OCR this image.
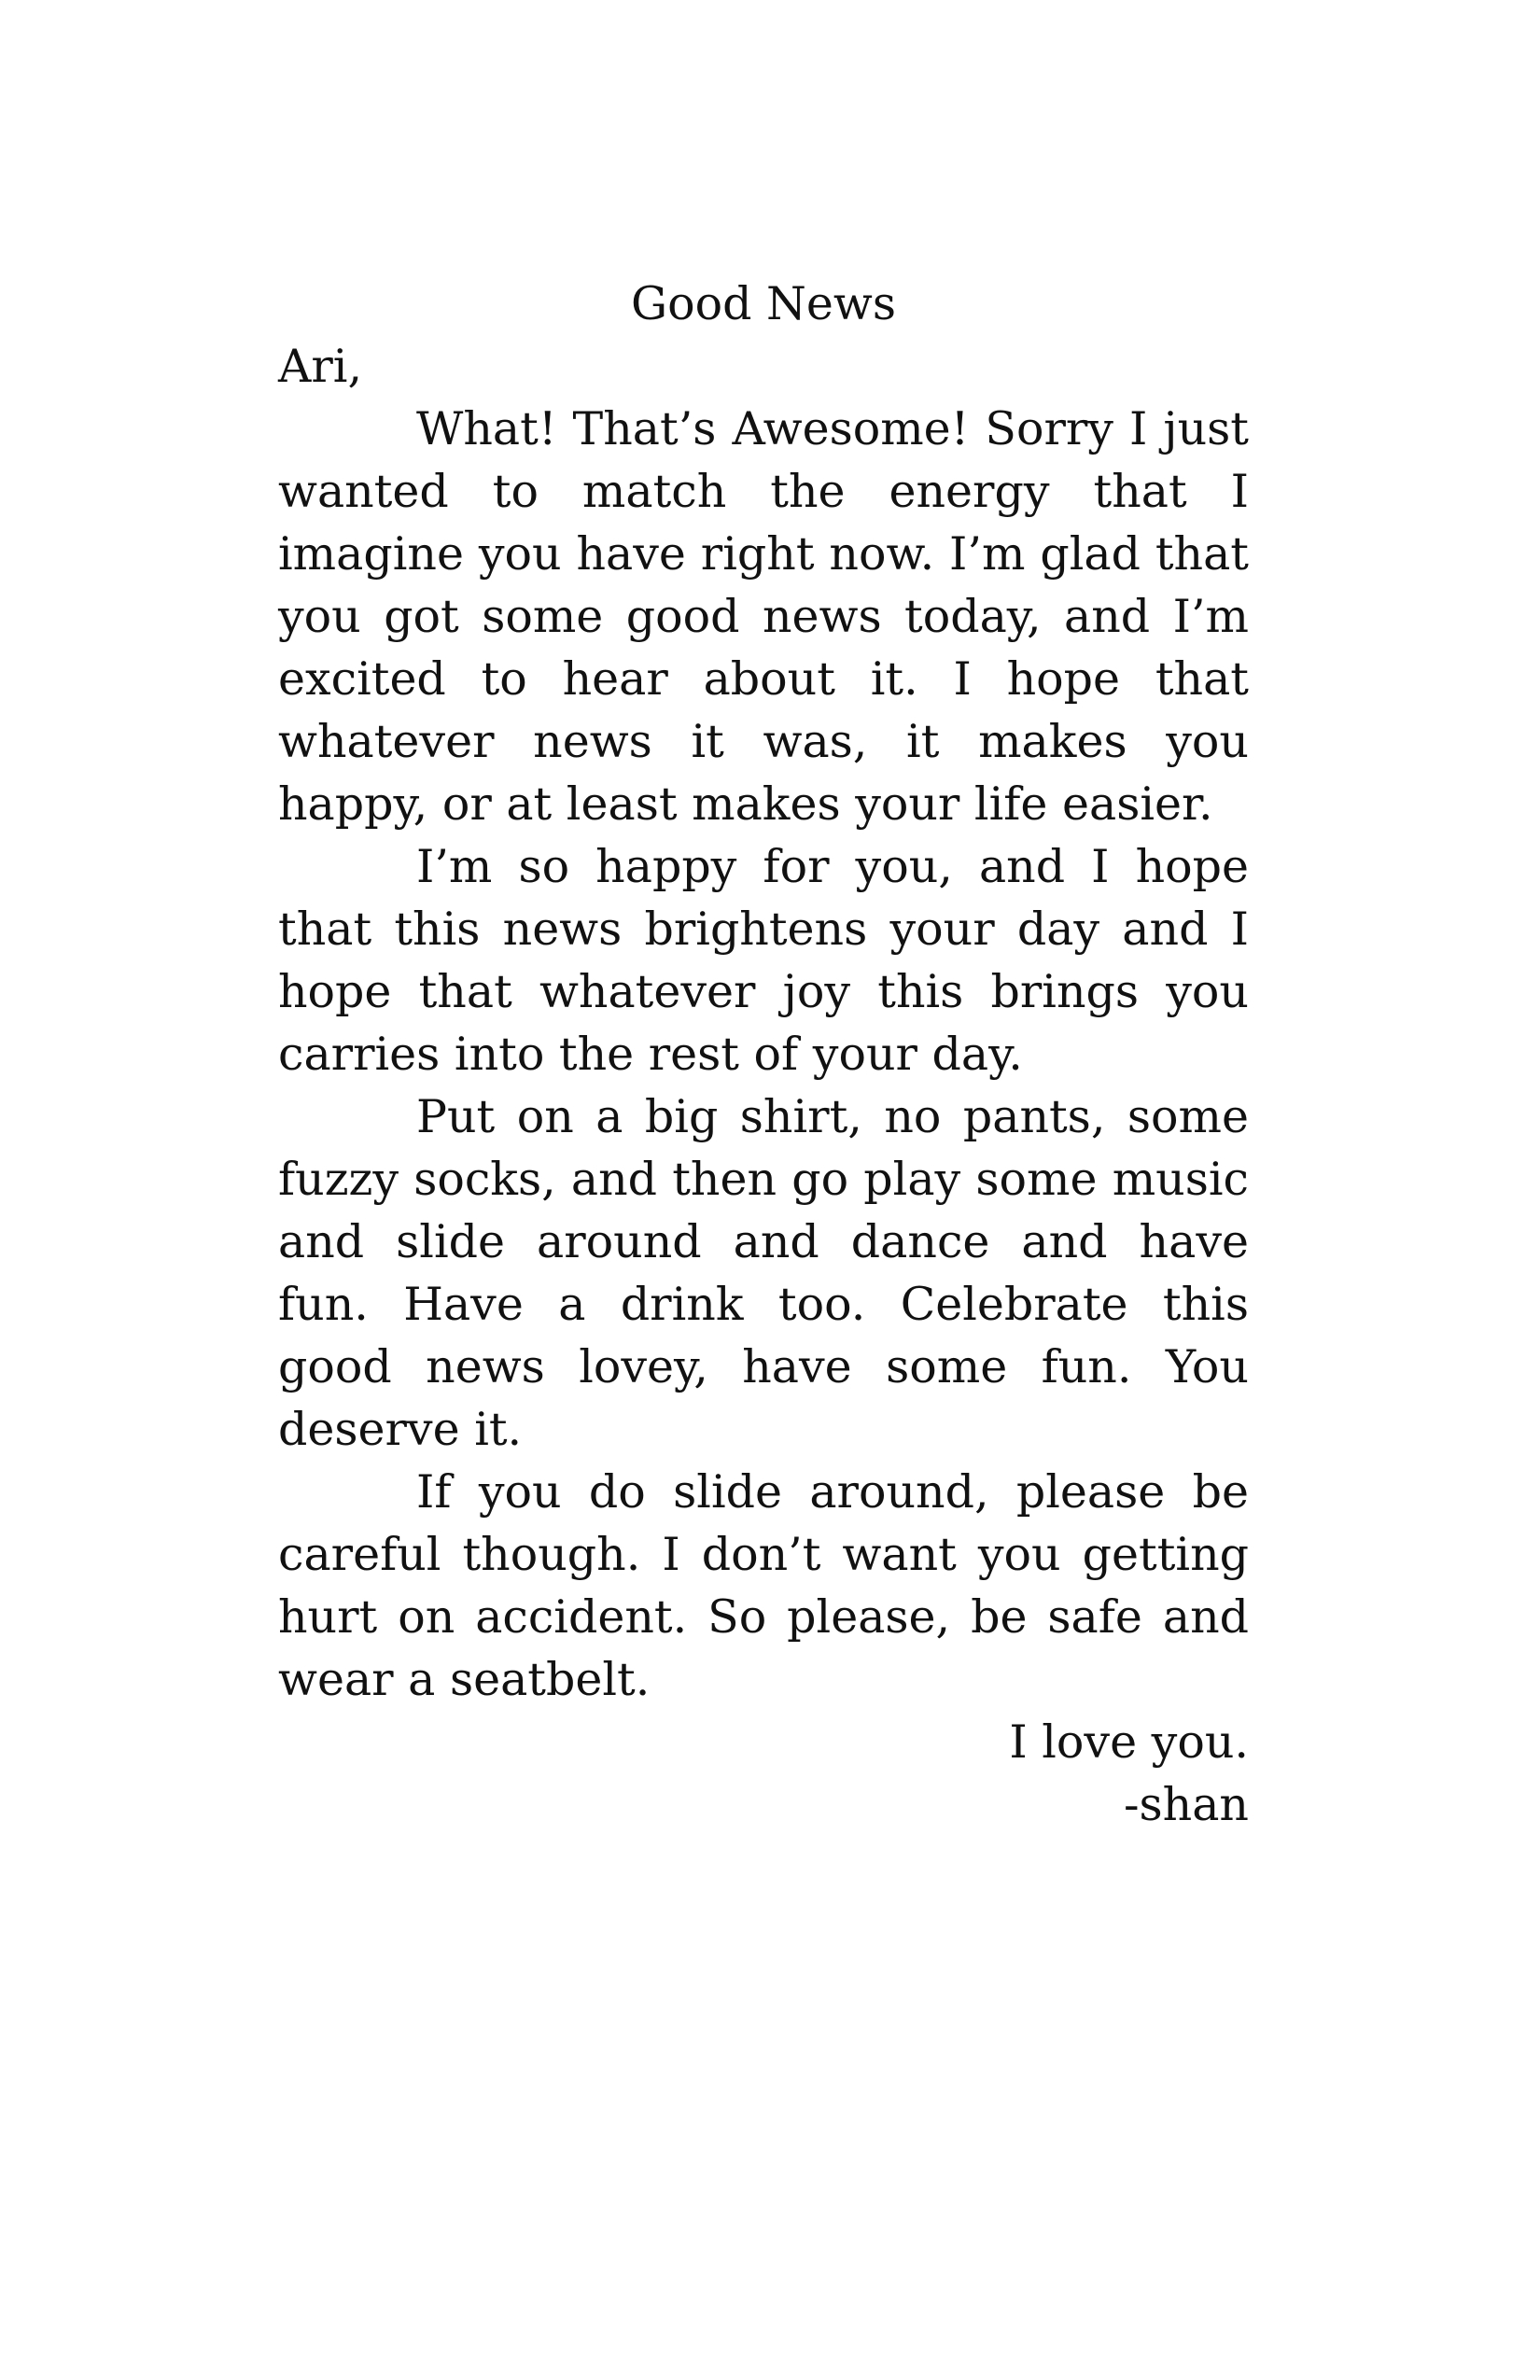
Good News

Ari,

What! That’s Awesome! Sorry I just wanted to match the energy that I imagine you have right now. I’m glad that you got some good news today, and I’m excited to hear about it. I hope that whatever news it was, it makes you happy, or at least makes your life easier.

I’m so happy for you, and I hope that this news brightens your day and I hope that whatever joy this brings you carries into the rest of your day.

Put on a big shirt, no pants, some fuzzy socks, and then go play some music and slide around and dance and have fun. Have a drink too. Celebrate this good news lovey, have some fun. You deserve it.

If you do slide around, please be careful though. I don’t want you getting hurt on accident. So please, be safe and wear a seatbelt.

I love you.

-shan
